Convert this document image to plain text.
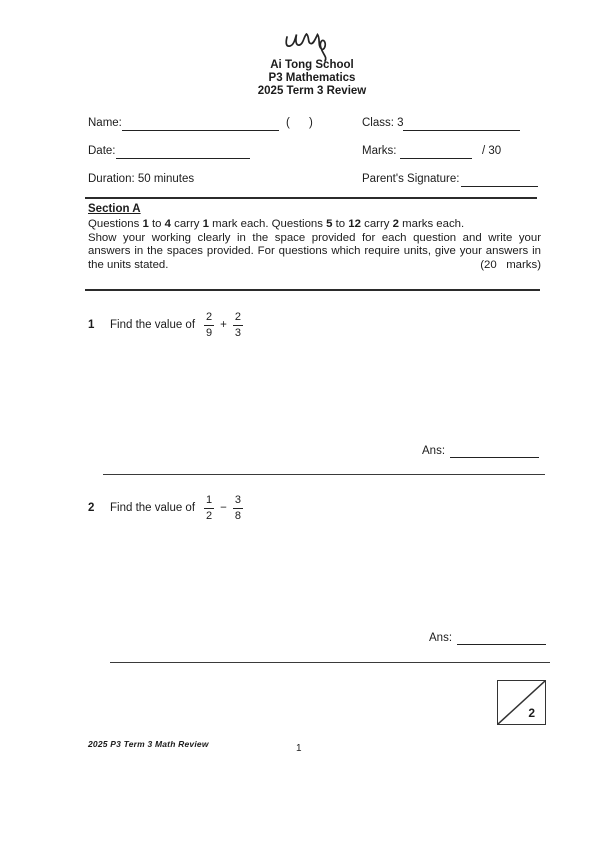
Ai Tong School
P3 Mathematics
2025 Term 3 Review
Name:	(      )	Class: 3
Date:	Marks:	/ 30
Duration: 50 minutes	Parent's Signature:
Section A
Questions 1 to 4 carry 1 mark each. Questions 5 to 12 carry 2 marks each.
Show your working clearly in the space provided for each question and write your
answers in the spaces provided. For questions which require units, give your answers in
the units stated.	(20   marks)
1	Find the value of $\frac{2}{9} + \frac{2}{3}$
Ans:
2	Find the value of $\frac{1}{2} - \frac{3}{8}$
Ans:
2
2025 P3 Term 3 Math Review	1
